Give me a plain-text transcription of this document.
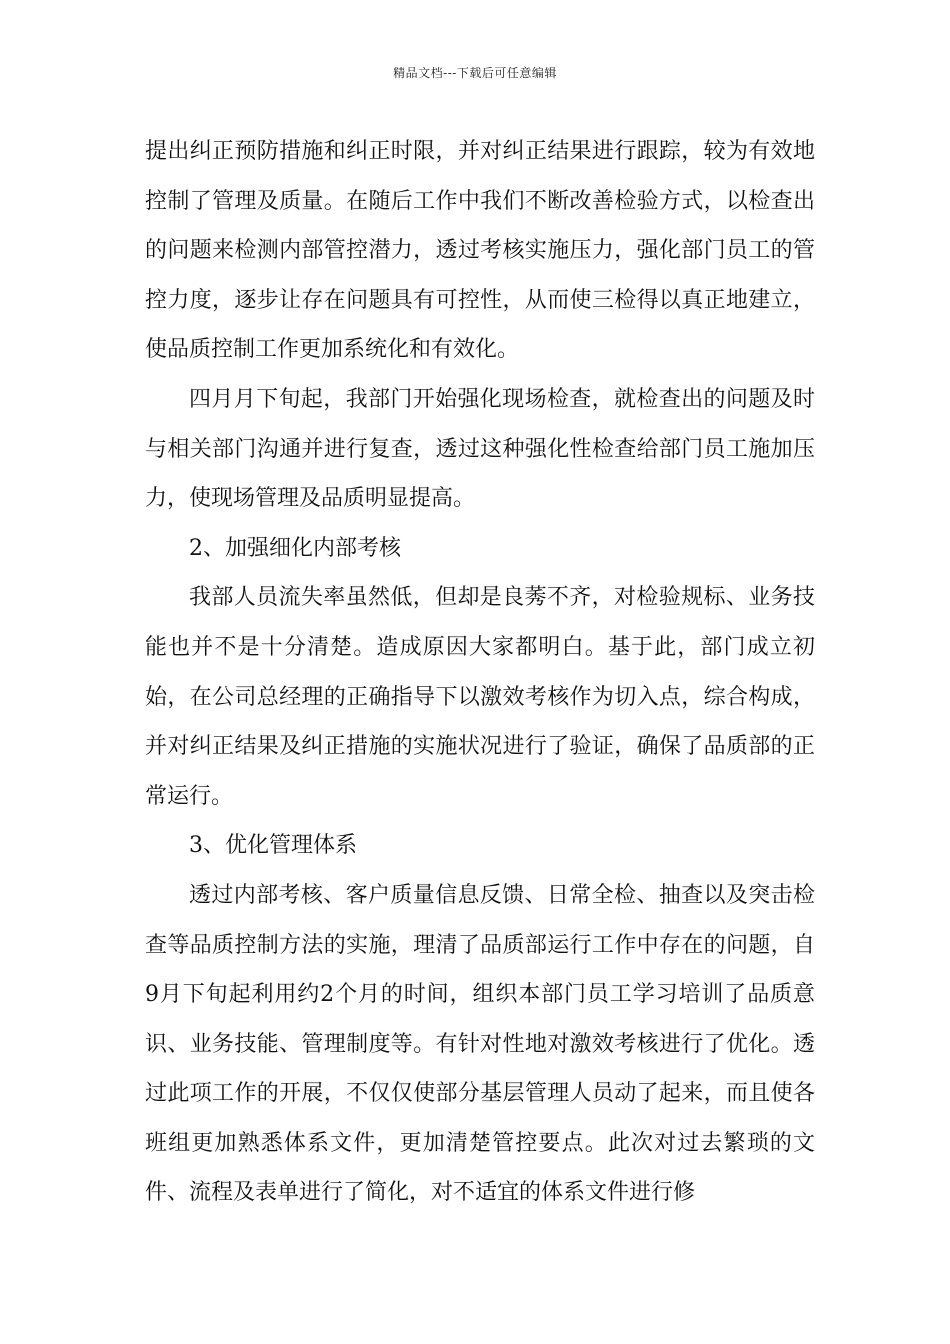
精品文档---下载后可任意编辑

提出纠正预防措施和纠正时限，并对纠正结果进行跟踪，较为有效地控制了管理及质量。在随后工作中我们不断改善检验方式，以检查出的问题来检测内部管控潜力，透过考核实施压力，强化部门员工的管控力度，逐步让存在问题具有可控性，从而使三检得以真正地建立，使品质控制工作更加系统化和有效化。

四月月下旬起，我部门开始强化现场检查，就检查出的问题及时与相关部门沟通并进行复查，透过这种强化性检查给部门员工施加压力，使现场管理及品质明显提高。

2、加强细化内部考核

我部人员流失率虽然低，但却是良莠不齐，对检验规标、业务技能也并不是十分清楚。造成原因大家都明白。基于此，部门成立初始，在公司总经理的正确指导下以激效考核作为切入点，综合构成，并对纠正结果及纠正措施的实施状况进行了验证，确保了品质部的正常运行。

3、优化管理体系

透过内部考核、客户质量信息反馈、日常全检、抽查以及突击检查等品质控制方法的实施，理清了品质部运行工作中存在的问题，自9月下旬起利用约2个月的时间，组织本部门员工学习培训了品质意识、业务技能、管理制度等。有针对性地对激效考核进行了优化。透过此项工作的开展，不仅仅使部分基层管理人员动了起来，而且使各班组更加熟悉体系文件，更加清楚管控要点。此次对过去繁琐的文件、流程及表单进行了简化，对不适宜的体系文件进行修
